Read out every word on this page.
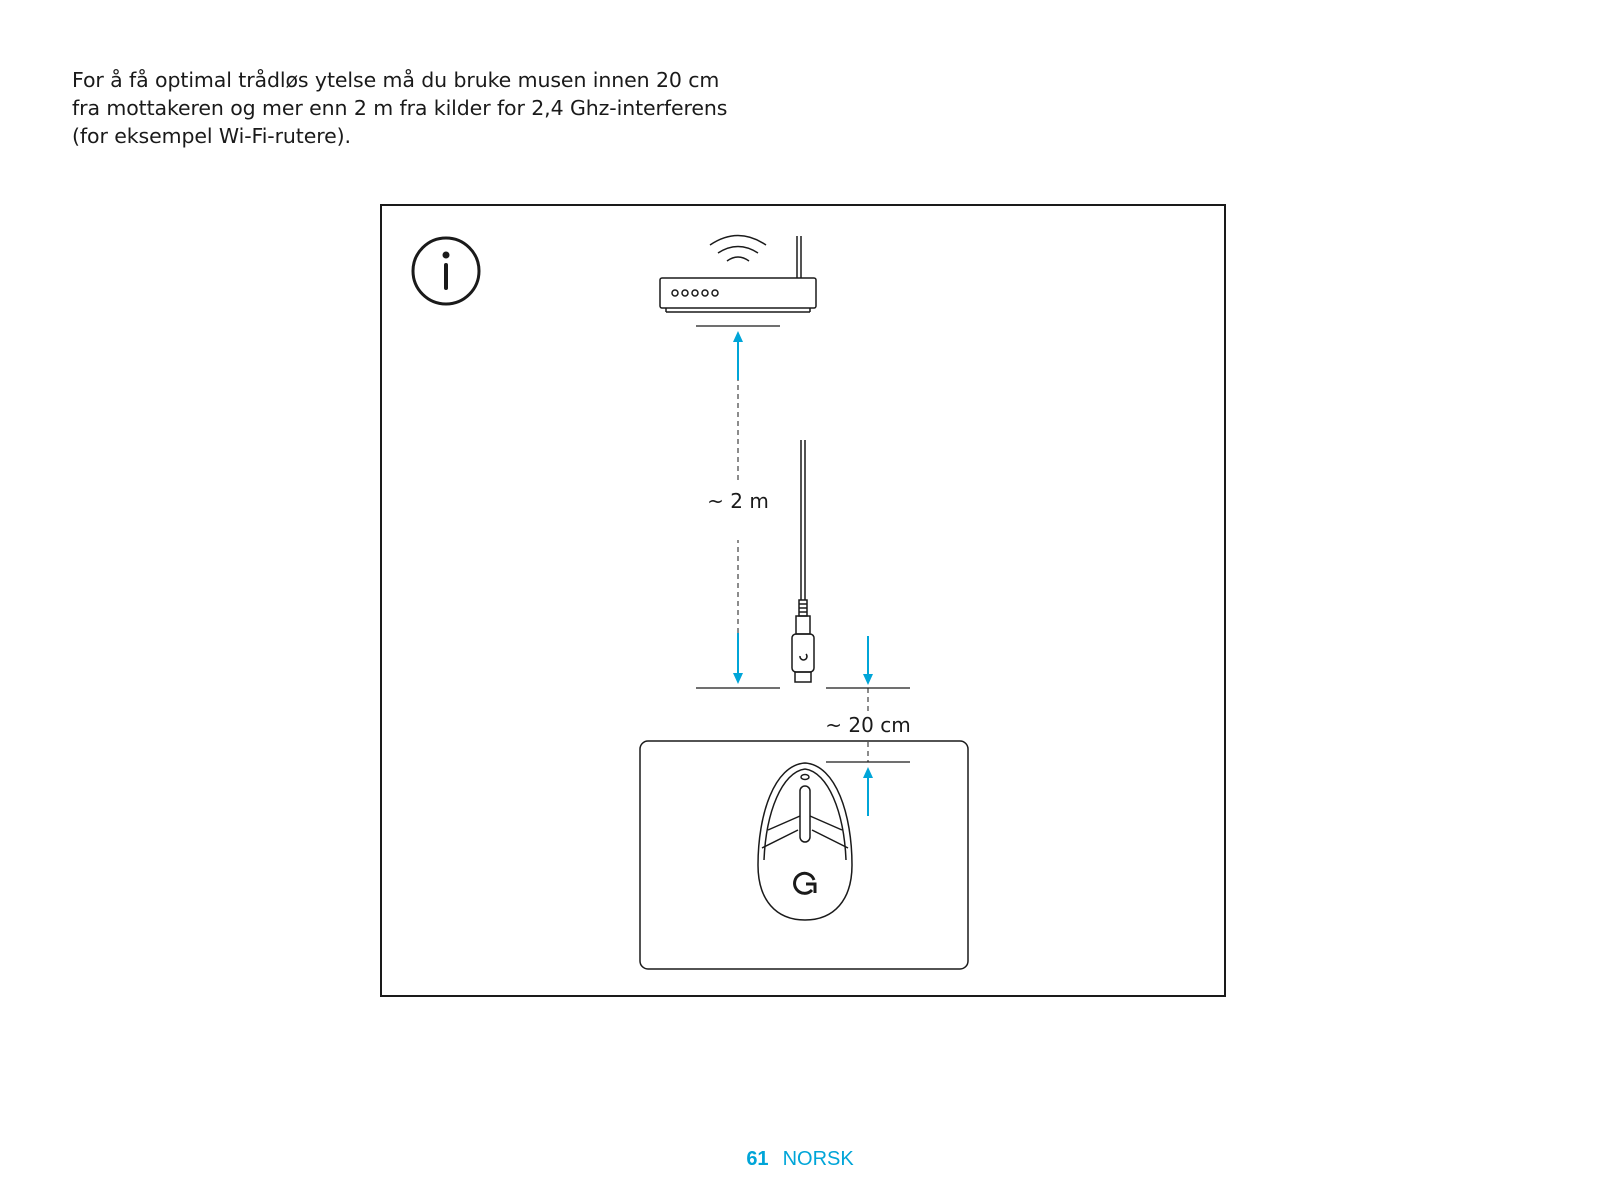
For å få optimal trådløs ytelse må du bruke musen innen 20 cm
fra mottakeren og mer enn 2 m fra kilder for 2,4 Ghz-interferens
(for eksempel Wi-Fi-rutere).

~ 2 m
~ 20 cm
61 NORSK
